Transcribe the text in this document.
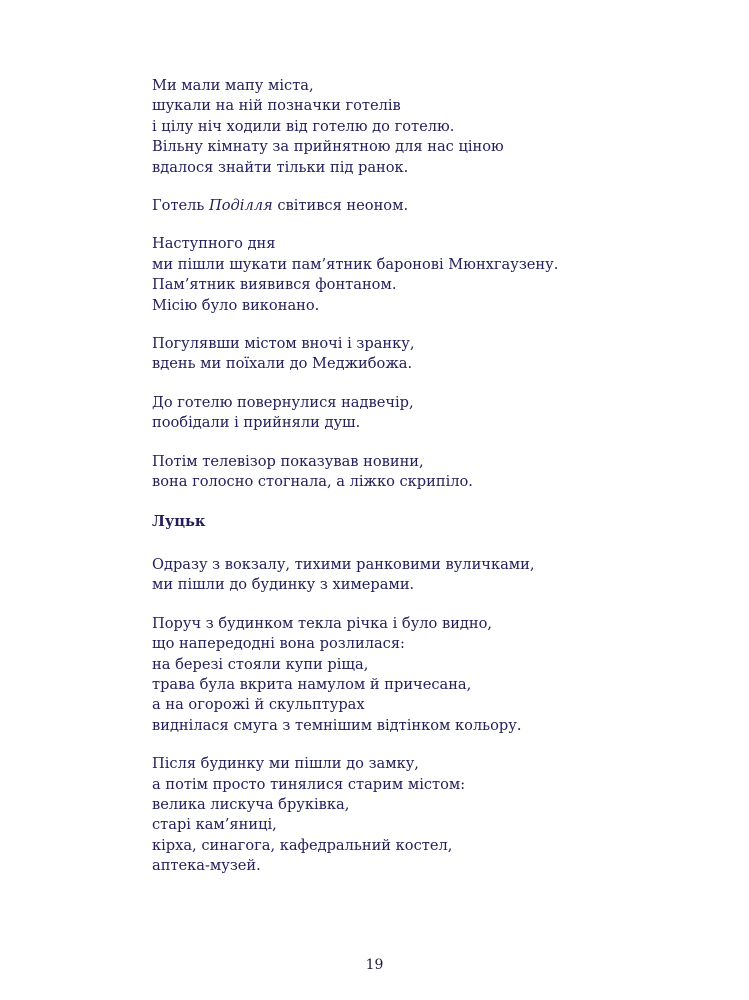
Ми мали мапу міста,
шукали на ній позначки готелів
і цілу ніч ходили від готелю до готелю.
Вільну кімнату за прийнятною для нас ціною
вдалося знайти тільки під ранок.

Готель Поділля світився неоном.

Наступного дня
ми пішли шукати пам’ятник баронові Мюнхгаузену.
Пам’ятник виявився фонтаном.
Місію було виконано.

Погулявши містом вночі і зранку,
вдень ми поїхали до Меджибожа.

До готелю повернулися надвечір,
пообідали і прийняли душ.

Потім телевізор показував новини,
вона голосно стогнала, а ліжко скрипіло.

Луцьк

Одразу з вокзалу, тихими ранковими вуличками,
ми пішли до будинку з химерами.

Поруч з будинком текла річка і було видно,
що напередодні вона розлилася:
на березі стояли купи ріща,
трава була вкрита намулом й причесана,
а на огорожі й скульптурах
виднілася смуга з темнішим відтінком кольору.

Після будинку ми пішли до замку,
а потім просто тинялися старим містом:
велика лискуча бруківка,
старі кам’яниці,
кірха, синагога, кафедральний костел,
аптека-музей.

19
